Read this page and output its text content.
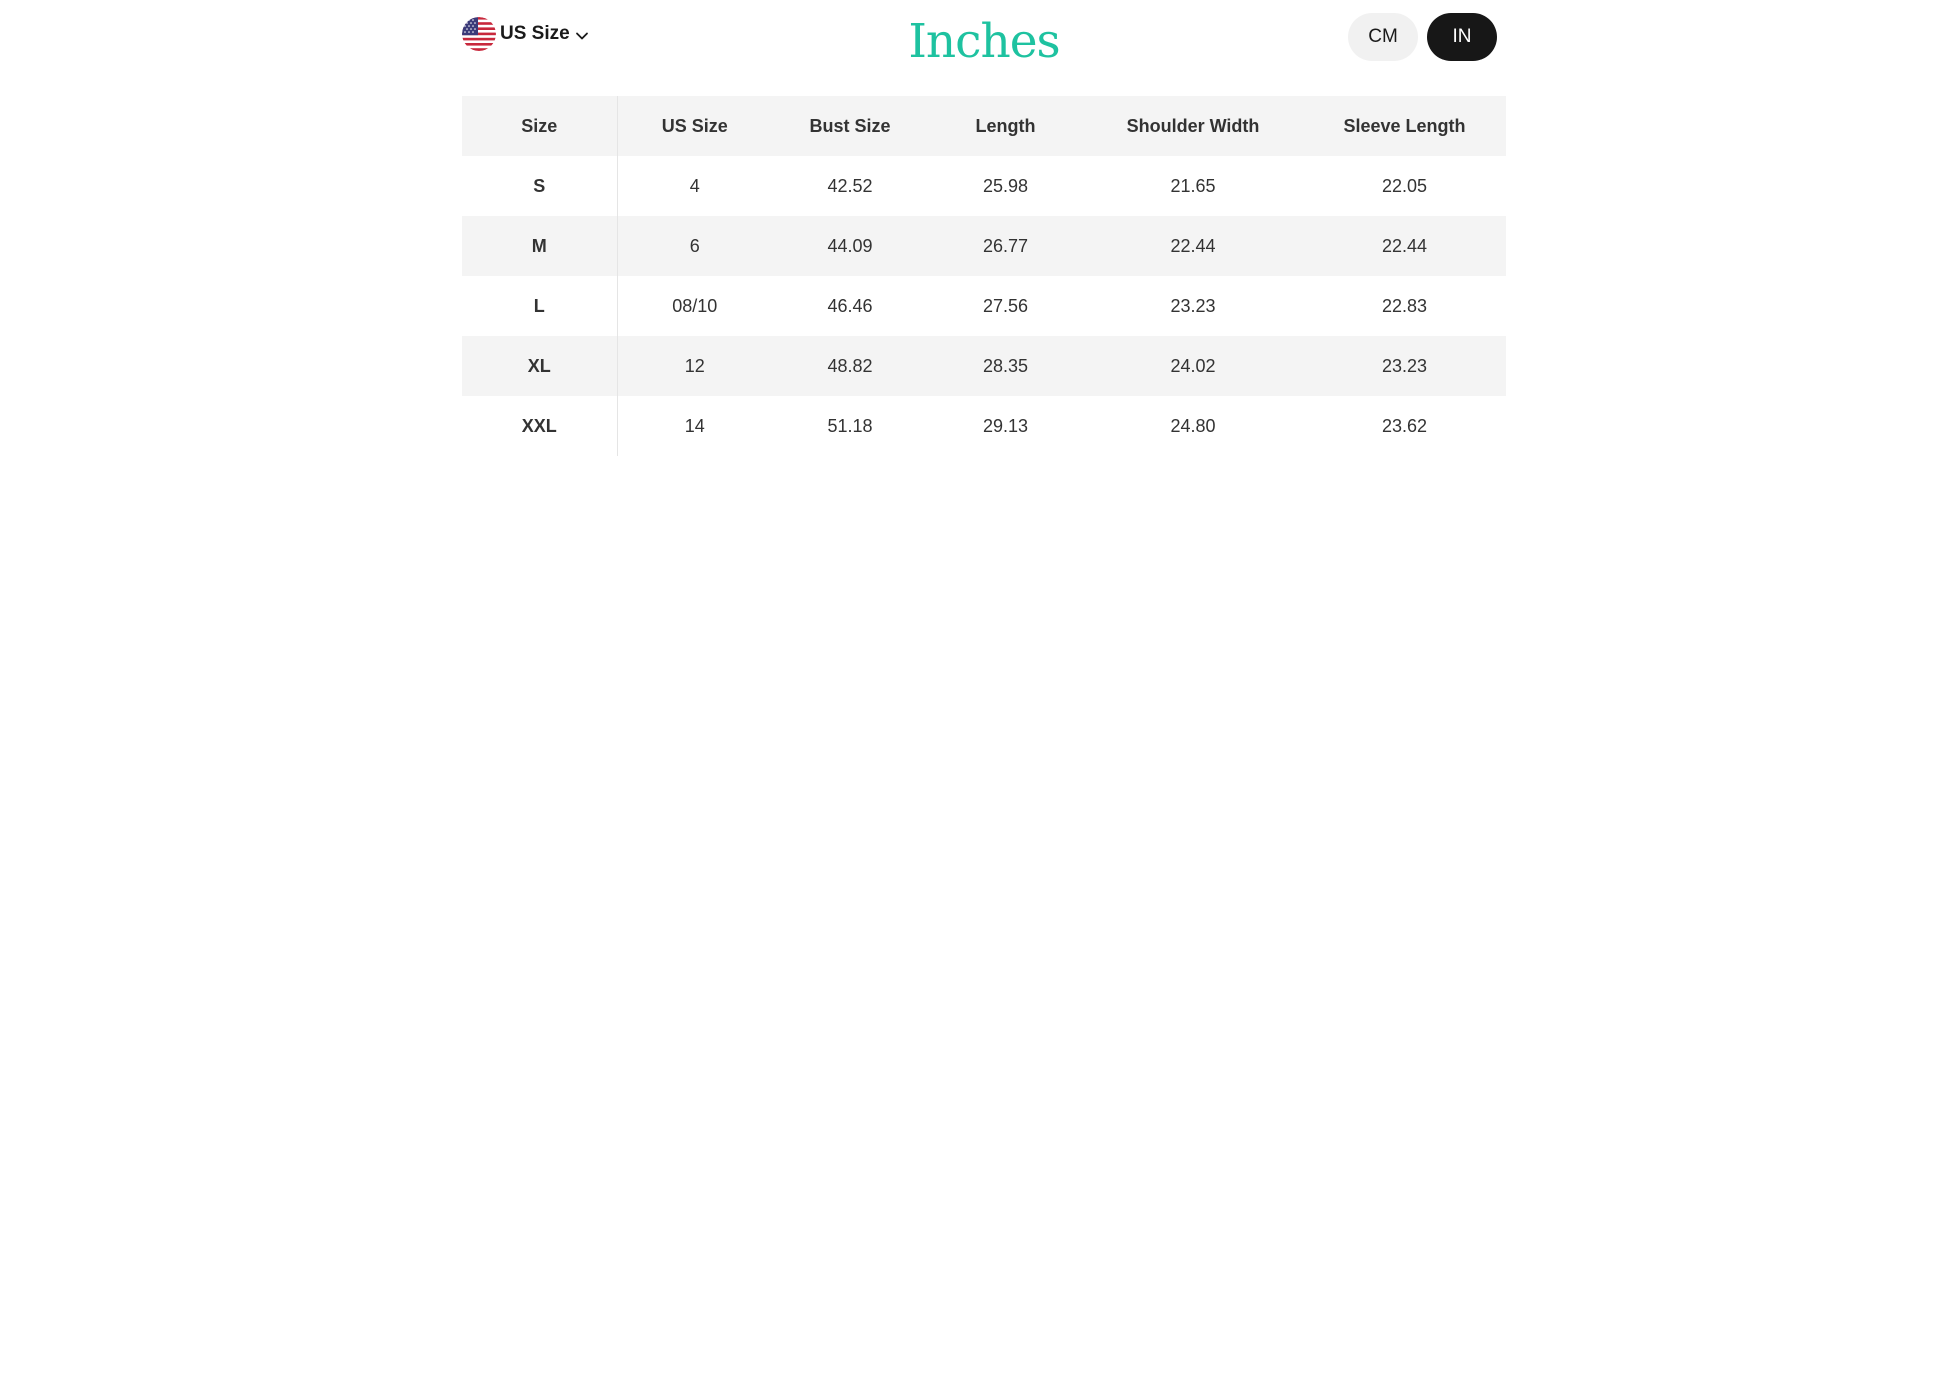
US Size	Inches	CM	IN
Size	US Size	Bust Size	Length	Shoulder Width	Sleeve Length
S	4	42.52	25.98	21.65	22.05
M	6	44.09	26.77	22.44	22.44
L	08/10	46.46	27.56	23.23	22.83
XL	12	48.82	28.35	24.02	23.23
XXL	14	51.18	29.13	24.80	23.62
